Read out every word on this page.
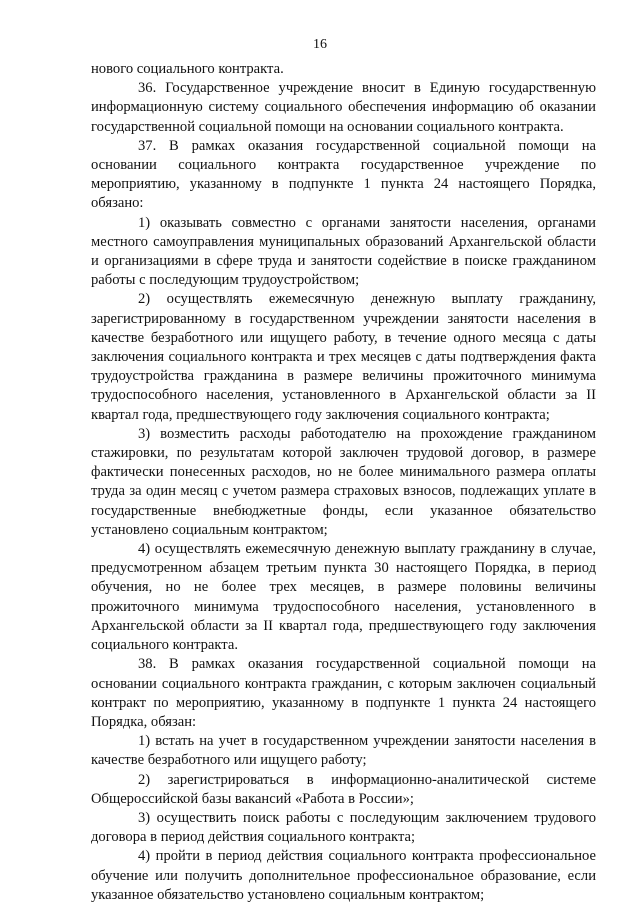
16

нового социального контракта.

36. Государственное учреждение вносит в Единую государственную информационную систему социального обеспечения информацию об оказании государственной социальной помощи на основании социального контракта.

37. В рамках оказания государственной социальной помощи на основании социального контракта государственное учреждение по мероприятию, указанному в подпункте 1 пункта 24 настоящего Порядка, обязано:

1) оказывать совместно с органами занятости населения, органами местного самоуправления муниципальных образований Архангельской области и организациями в сфере труда и занятости содействие в поиске гражданином работы с последующим трудоустройством;

2) осуществлять ежемесячную денежную выплату гражданину, зарегистрированному в государственном учреждении занятости населения в качестве безработного или ищущего работу, в течение одного месяца с даты заключения социального контракта и трех месяцев с даты подтверждения факта трудоустройства гражданина в размере величины прожиточного минимума трудоспособного населения, установленного в Архангельской области за II квартал года, предшествующего году заключения социального контракта;

3) возместить расходы работодателю на прохождение гражданином стажировки, по результатам которой заключен трудовой договор, в размере фактически понесенных расходов, но не более минимального размера оплаты труда за один месяц с учетом размера страховых взносов, подлежащих уплате в государственные внебюджетные фонды, если указанное обязательство установлено социальным контрактом;

4) осуществлять ежемесячную денежную выплату гражданину в случае, предусмотренном абзацем третьим пункта 30 настоящего Порядка, в период обучения, но не более трех месяцев, в размере половины величины прожиточного минимума трудоспособного населения, установленного в Архангельской области за II квартал года, предшествующего году заключения социального контракта.

38. В рамках оказания государственной социальной помощи на основании социального контракта гражданин, с которым заключен социальный контракт по мероприятию, указанному в подпункте 1 пункта 24 настоящего Порядка, обязан:

1) встать на учет в государственном учреждении занятости населения в качестве безработного или ищущего работу;

2) зарегистрироваться в информационно-аналитической системе Общероссийской базы вакансий «Работа в России»;

3) осуществить поиск работы с последующим заключением трудового договора в период действия социального контракта;

4) пройти в период действия социального контракта профессиональное обучение или получить дополнительное профессиональное образование, если указанное обязательство установлено социальным контрактом;
